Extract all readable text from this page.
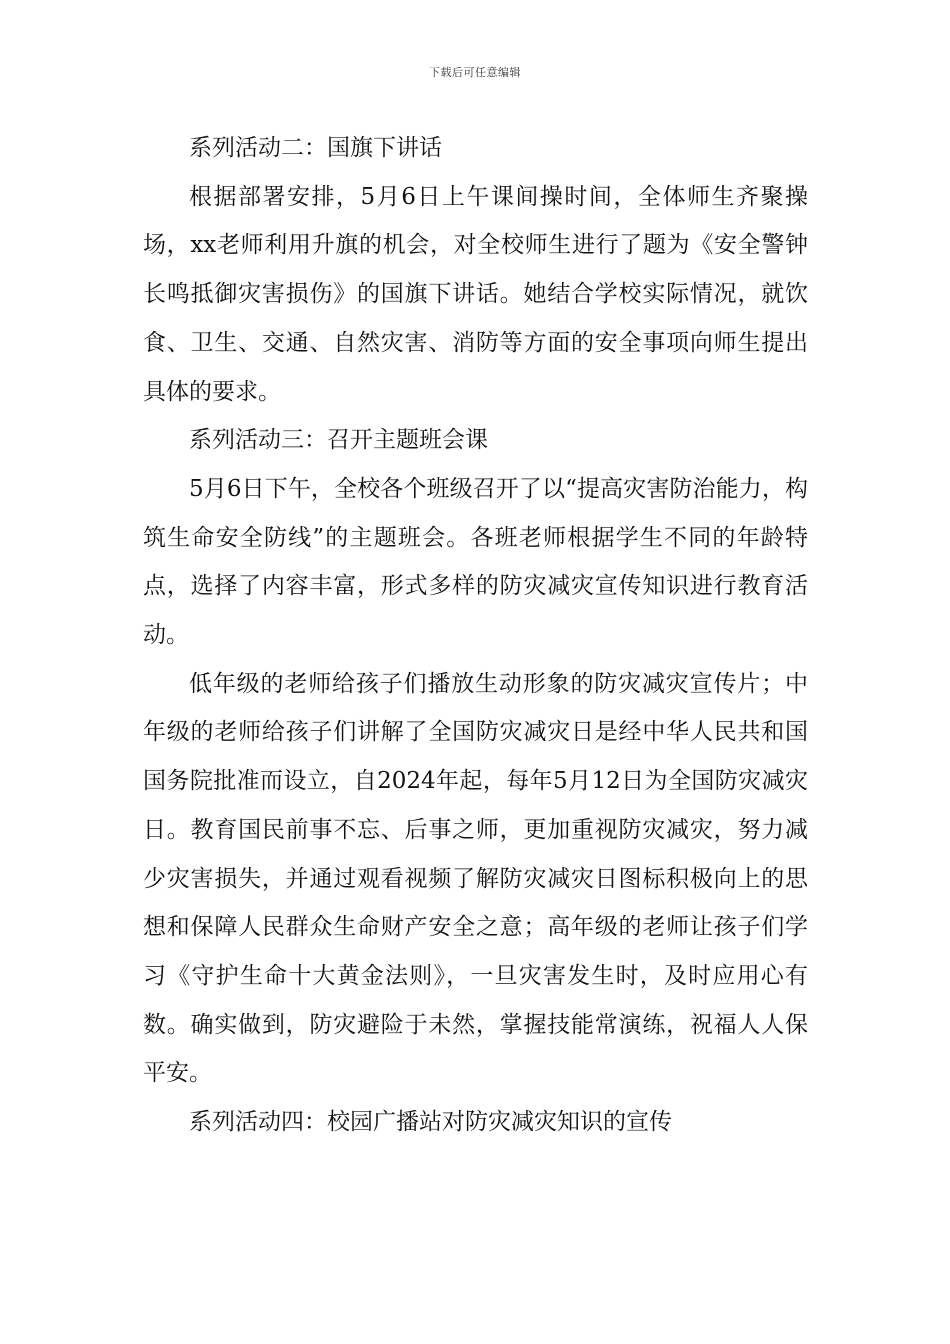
下载后可任意编辑

系列活动二：国旗下讲话

根据部署安排，5月6日上午课间操时间，全体师生齐聚操场，xx老师利用升旗的机会，对全校师生进行了题为《安全警钟长鸣抵御灾害损伤》的国旗下讲话。她结合学校实际情况，就饮食、卫生、交通、自然灾害、消防等方面的安全事项向师生提出具体的要求。

系列活动三：召开主题班会课

5月6日下午，全校各个班级召开了以“提高灾害防治能力，构筑生命安全防线”的主题班会。各班老师根据学生不同的年龄特点，选择了内容丰富，形式多样的防灾减灾宣传知识进行教育活动。

低年级的老师给孩子们播放生动形象的防灾减灾宣传片；中年级的老师给孩子们讲解了全国防灾减灾日是经中华人民共和国国务院批准而设立，自2024年起，每年5月12日为全国防灾减灾日。教育国民前事不忘、后事之师，更加重视防灾减灾，努力减少灾害损失，并通过观看视频了解防灾减灾日图标积极向上的思想和保障人民群众生命财产安全之意；高年级的老师让孩子们学习《守护生命十大黄金法则》，一旦灾害发生时，及时应用心有数。确实做到，防灾避险于未然，掌握技能常演练，祝福人人保平安。

系列活动四：校园广播站对防灾减灾知识的宣传
